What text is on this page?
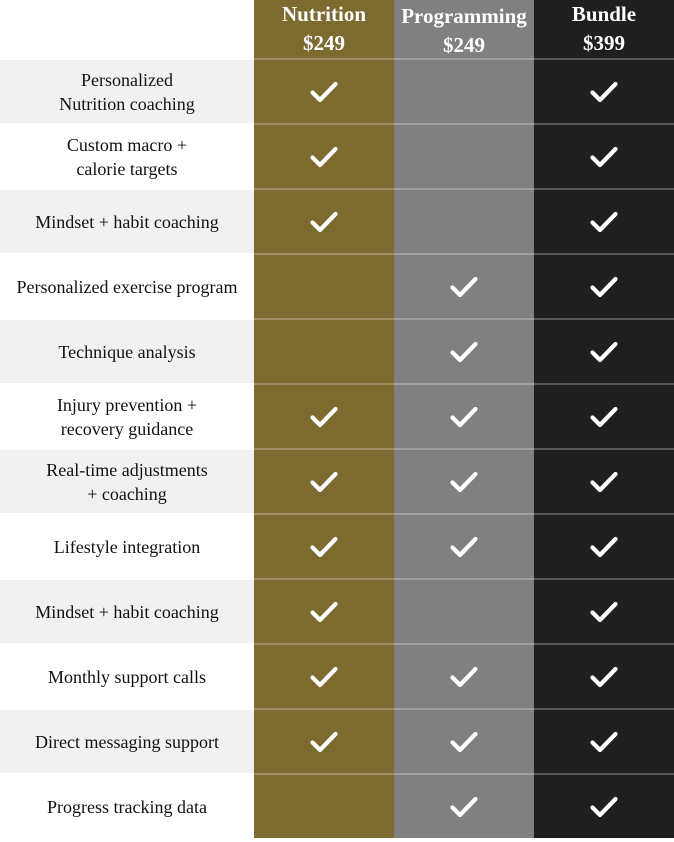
Personalized
Nutrition coaching
Custom macro +
calorie targets
Mindset + habit coaching
Personalized exercise program
Technique analysis
Injury prevention +
recovery guidance
Real-time adjustments
+ coaching
Lifestyle integration
Mindset + habit coaching
Monthly support calls
Direct messaging support
Progress tracking data
Nutrition
$249
Programming
$249
Bundle
$399
